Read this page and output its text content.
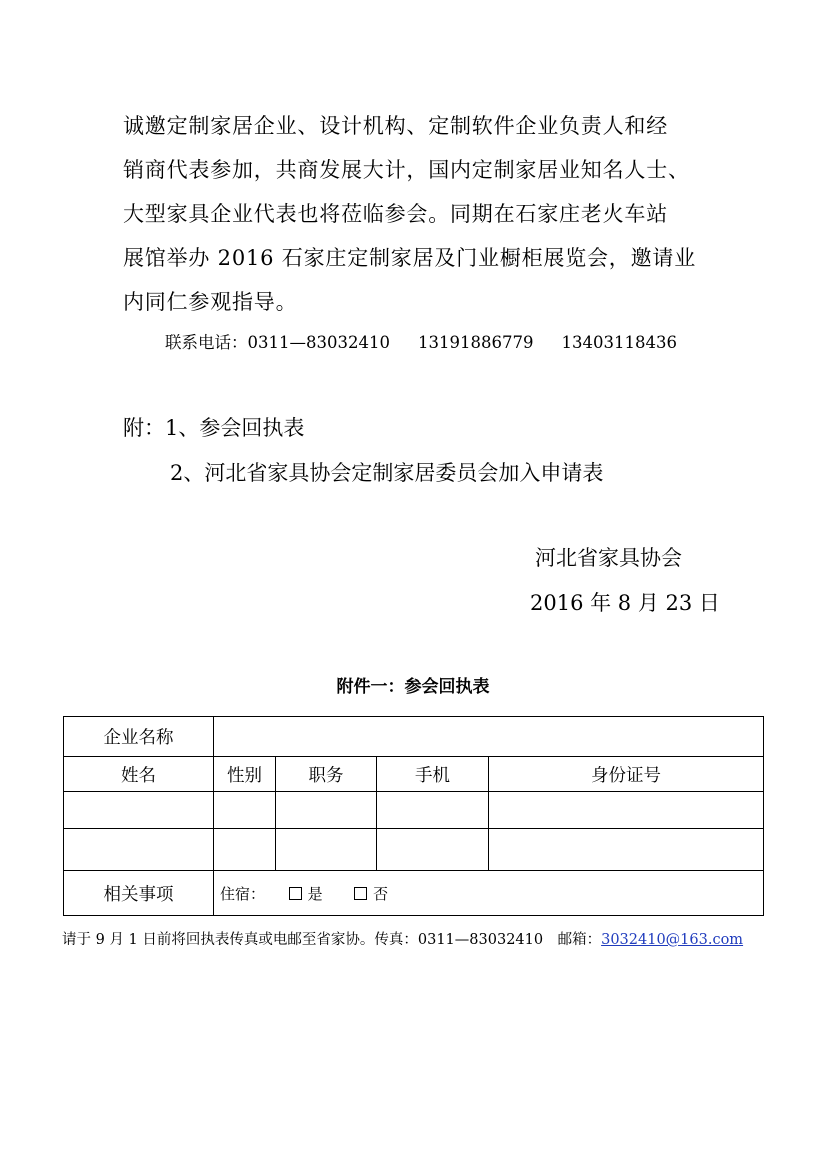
诚邀定制家居企业、设计机构、定制软件企业负责人和经
销商代表参加，共商发展大计，国内定制家居业知名人士、
大型家具企业代表也将莅临参会。同期在石家庄老火车站
展馆举办 2016 石家庄定制家居及门业橱柜展览会，邀请业
内同仁参观指导。
联系电话：0311—83032410 13191886779 13403118436
附：1、参会回执表
2、河北省家具协会定制家居委员会加入申请表
河北省家具协会
2016 年 8 月 23 日
附件一：参会回执表
企业名称				
姓名	性别	职务	手机	身份证号

相关事项	住宿： 是 否			
请于 9 月 1 日前将回执表传真或电邮至省家协。传真：0311—83032410　邮箱：3032410@163.com
